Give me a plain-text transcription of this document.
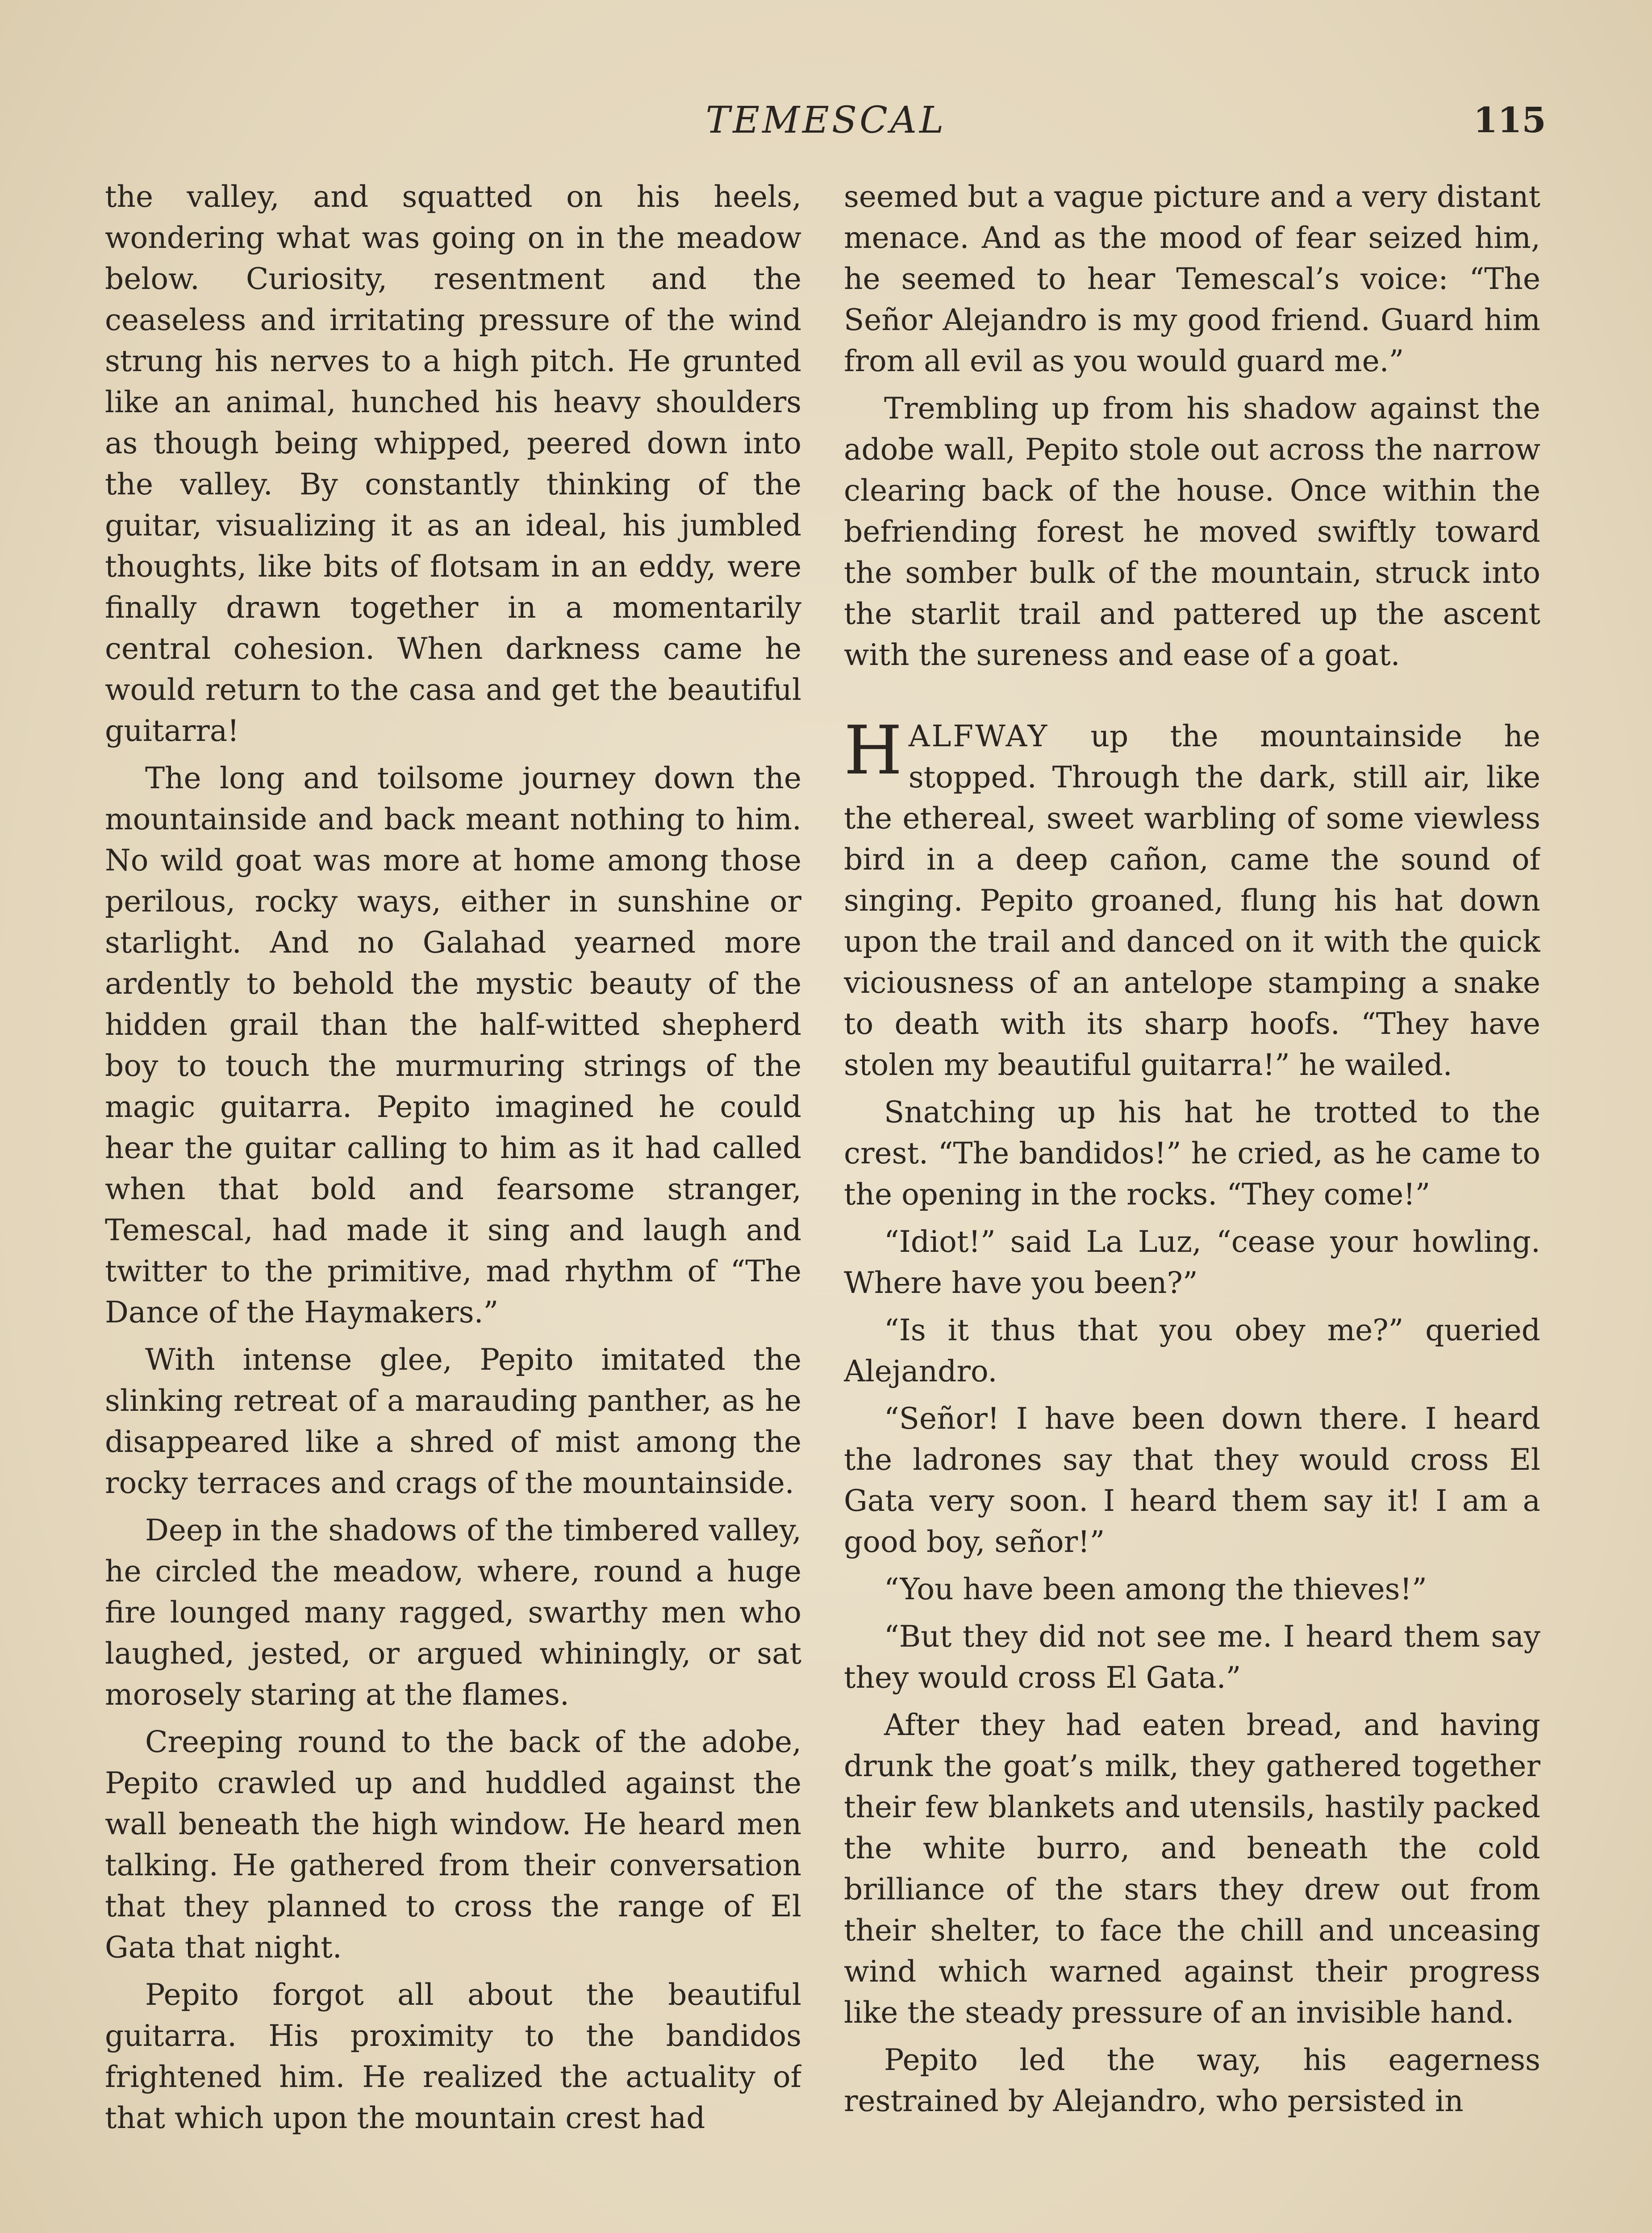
TEMESCAL	115

the valley, and squatted on his heels, wondering what was going on in the meadow below. Curiosity, resentment and the ceaseless and irritating pressure of the wind strung his nerves to a high pitch. He grunted like an animal, hunched his heavy shoulders as though being whipped, peered down into the valley. By constantly thinking of the guitar, visualizing it as an ideal, his jumbled thoughts, like bits of flotsam in an eddy, were finally drawn together in a momentarily central cohesion. When darkness came he would return to the casa and get the beautiful guitarra!

The long and toilsome journey down the mountainside and back meant nothing to him. No wild goat was more at home among those perilous, rocky ways, either in sunshine or starlight. And no Galahad yearned more ardently to behold the mystic beauty of the hidden grail than the half-witted shepherd boy to touch the murmuring strings of the magic guitarra. Pepito imagined he could hear the guitar calling to him as it had called when that bold and fearsome stranger, Temescal, had made it sing and laugh and twitter to the primitive, mad rhythm of “The Dance of the Haymakers.”

With intense glee, Pepito imitated the slinking retreat of a marauding panther, as he disappeared like a shred of mist among the rocky terraces and crags of the mountainside.

Deep in the shadows of the timbered valley, he circled the meadow, where, round a huge fire lounged many ragged, swarthy men who laughed, jested, or argued whiningly, or sat morosely staring at the flames.

Creeping round to the back of the adobe, Pepito crawled up and huddled against the wall beneath the high window. He heard men talking. He gathered from their conversation that they planned to cross the range of El Gata that night.

Pepito forgot all about the beautiful guitarra. His proximity to the bandidos frightened him. He realized the actuality of that which upon the mountain crest had

seemed but a vague picture and a very distant menace. And as the mood of fear seized him, he seemed to hear Temescal’s voice: “The Señor Alejandro is my good friend. Guard him from all evil as you would guard me.”

Trembling up from his shadow against the adobe wall, Pepito stole out across the narrow clearing back of the house. Once within the befriending forest he moved swiftly toward the somber bulk of the mountain, struck into the starlit trail and pattered up the ascent with the sureness and ease of a goat.

HALFWAY up the mountainside he stopped. Through the dark, still air, like the ethereal, sweet warbling of some viewless bird in a deep cañon, came the sound of singing. Pepito groaned, flung his hat down upon the trail and danced on it with the quick viciousness of an antelope stamping a snake to death with its sharp hoofs. “They have stolen my beautiful guitarra!” he wailed.

Snatching up his hat he trotted to the crest. “The bandidos!” he cried, as he came to the opening in the rocks. “They come!”

“Idiot!” said La Luz, “cease your howling. Where have you been?”

“Is it thus that you obey me?” queried Alejandro.

“Señor! I have been down there. I heard the ladrones say that they would cross El Gata very soon. I heard them say it! I am a good boy, señor!”

“You have been among the thieves!”

“But they did not see me. I heard them say they would cross El Gata.”

After they had eaten bread, and having drunk the goat’s milk, they gathered together their few blankets and utensils, hastily packed the white burro, and beneath the cold brilliance of the stars they drew out from their shelter, to face the chill and unceasing wind which warned against their progress like the steady pressure of an invisible hand.

Pepito led the way, his eagerness restrained by Alejandro, who persisted in
